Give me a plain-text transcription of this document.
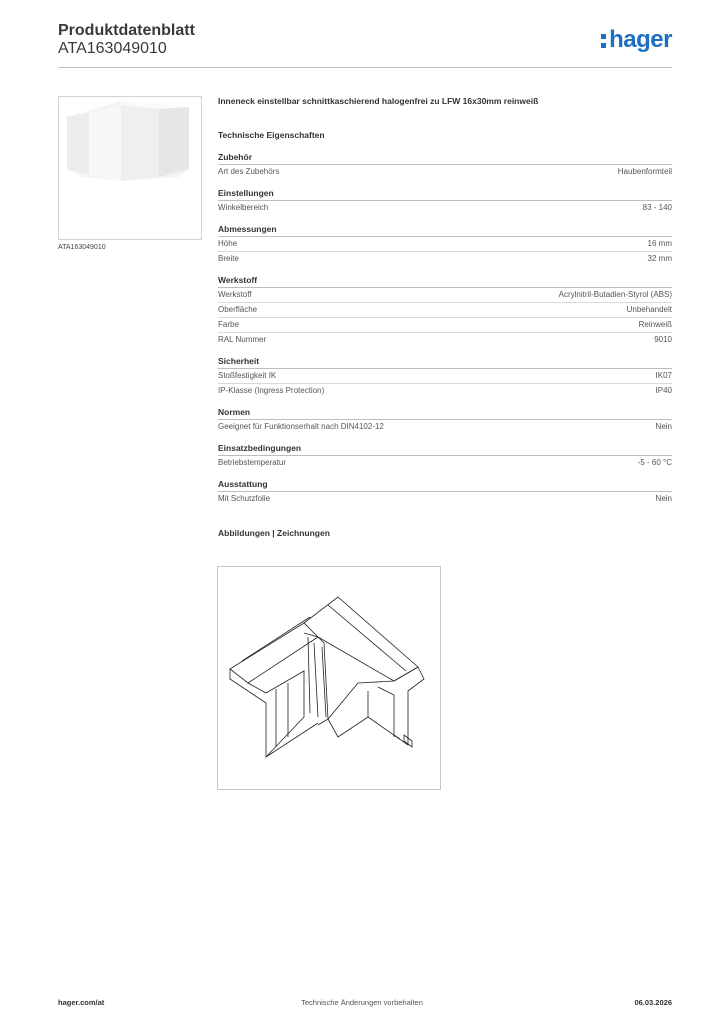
Produktdatenblatt
ATA163049010	hager
ATA163049010
Inneneck einstellbar schnittkaschierend halogenfrei zu LFW 16x30mm reinweiß
Technische Eigenschaften
Zubehör
Art des Zubehörs	Haubenformteil
Einstellungen
Winkelbereich	83 - 140
Abmessungen
Höhe	16 mm
Breite	32 mm
Werkstoff
Werkstoff	Acrylnitril-Butadien-Styrol (ABS)
Oberfläche	Unbehandelt
Farbe	Reinweiß
RAL Nummer	9010
Sicherheit
Stoßfestigkeit IK	IK07
IP-Klasse (Ingress Protection)	IP40
Normen
Geeignet für Funktionserhalt nach DIN4102-12	Nein
Einsatzbedingungen
Betriebstemperatur	-5 - 60 °C
Ausstattung
Mit Schutzfolie	Nein
Abbildungen | Zeichnungen
hager.com/at	Technische Änderungen vorbehalten	06.03.2026
